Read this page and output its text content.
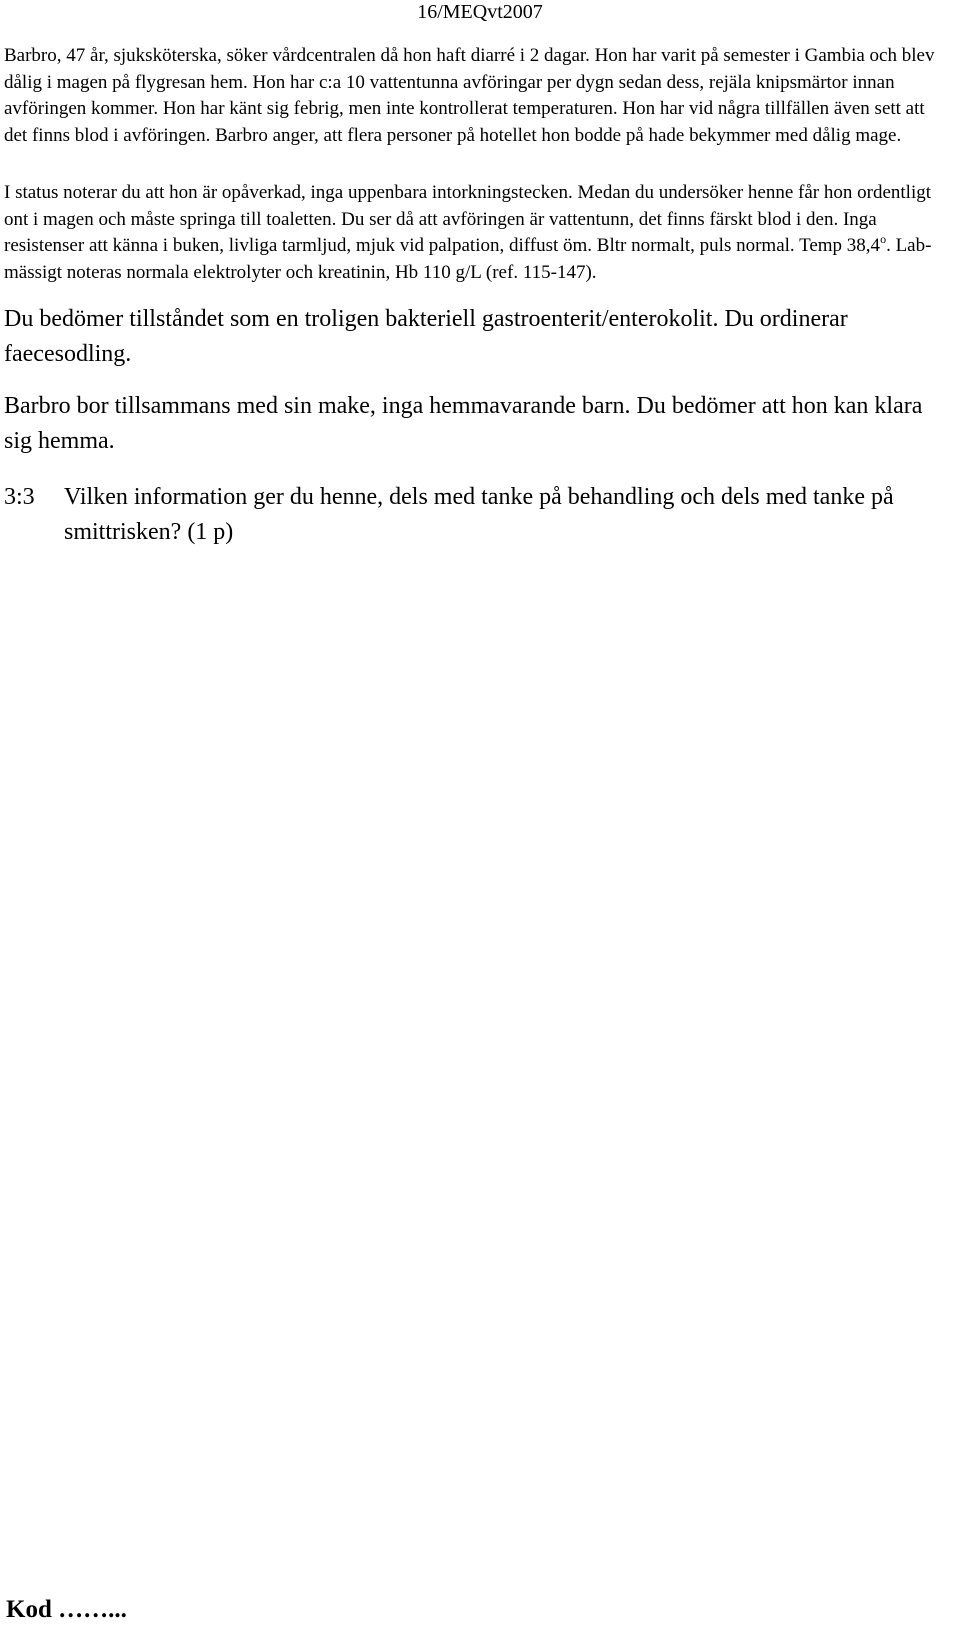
16/MEQvt2007
Barbro, 47 år, sjuksköterska, söker vårdcentralen då hon haft diarré i 2 dagar. Hon har varit på semester i Gambia och blev dålig i magen på flygresan hem. Hon har c:a 10 vattentunna avföringar per dygn sedan dess, rejäla knipsmärtor innan avföringen kommer. Hon har känt sig febrig, men inte kontrollerat temperaturen. Hon har vid några tillfällen även sett att det finns blod i avföringen. Barbro anger, att flera personer på hotellet hon bodde på hade bekymmer med dålig mage.
I status noterar du att hon är opåverkad, inga uppenbara intorkningstecken. Medan du undersöker henne får hon ordentligt ont i magen och måste springa till toaletten. Du ser då att avföringen är vattentunn, det finns färskt blod i den. Inga resistenser att känna i buken, livliga tarmljud, mjuk vid palpation, diffust öm. Bltr normalt, puls normal. Temp 38,4$^o$. Lab-mässigt noteras normala elektrolyter och kreatinin, Hb 110 g/L (ref. 115-147).
Du bedömer tillståndet som en troligen bakteriell gastroenterit/enterokolit. Du ordinerar faecesodling.
Barbro bor tillsammans med sin make, inga hemmavarande barn. Du bedömer att hon kan klara sig hemma.
3:3	Vilken information ger du henne, dels med tanke på behandling och dels med tanke på smittrisken? (1 p)
Kod ……...
